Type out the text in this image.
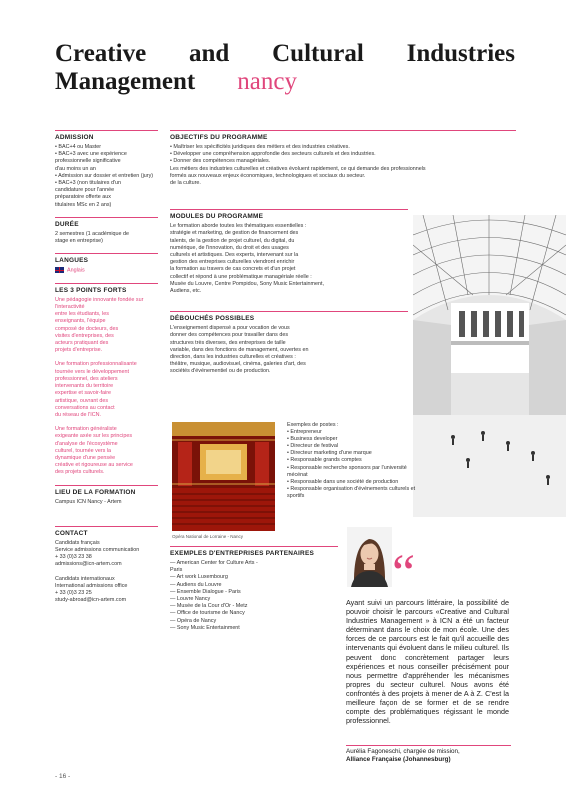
Creative and Cultural Industries
Management nancy

ADMISSION

• BAC+4 ou Master

• BAC+3 avec une expérience professionnelle significative

d'au moins un an

• Admission sur dossier et entretien (jury)

• BAC+3 (non titulaires d'un

candidature pour l'année

préparatoire offerte aux

titulaires MSc en 2 ans)

DURÉE

2 semestres (1 académique de

stage en entreprise)

LANGUES

Anglais

LES 3 POINTS FORTS

Une pédagogie innovante fondée sur l'interactivité

entre les étudiants, les

enseignants, l'équipe

composé de docteurs, des

visites d'entreprises, des

acteurs pratiquant des

projets d'entreprise.

Une formation professionnalisante

tournée vers le développement

professionnel, des ateliers

intervenants du territoire

expertise et savoir-faire

artistique, ouvrant des

conversations au contact

du réseau de l'ICN.

Une formation généraliste

exigeante axée sur les principes

d'analyse de l'écosystème

culturel, tournée vers la

dynamique d'une pensée

créative et rigoureuse au service

des projets culturels.

LIEU DE LA FORMATION

Campus ICN Nancy - Artem

CONTACT

Candidats français

Service admissions communication

+ 33 (0)3 23 38

admissions@icn-artem.com

Candidats internationaux

International admissions office

+ 33 (0)3 23 25

study-abroad@icn-artem.com

OBJECTIFS DU PROGRAMME

• Maîtriser les spécificités juridiques des métiers et des industries créatives.

• Développer une compréhension approfondie des secteurs culturels et des industries.

• Donner des compétences managériales.

Les métiers des industries culturelles et créatives évoluent rapidement, ce qui demande des professionnels

formés aux nouveaux enjeux économiques, technologiques et sociaux du secteur.

de la culture.

MODULES DU PROGRAMME

Le formation aborde toutes les thématiques essentielles :

stratégie et marketing, de gestion de financement des

talents, de la gestion de projet culturel, du digital, du

numérique, de l'innovation, du droit et des usages

culturels et artistiques. Des experts, intervenant sur la

gestion des entreprises culturelles viendront enrichir

la formation au travers de cas concrets et d'un projet

collectif et répond à une problématique managériale réelle :

Musée du Louvre, Centre Pompidou, Sony Music Entertainment,

Audiens, etc.

DÉBOUCHÉS POSSIBLES

L'enseignement dispensé a pour vocation de vous

donner des compétences pour travailler dans des

structures très diverses, des entreprises de taille

variable, dans des fonctions de management, ouvertes en

direction, dans les industries culturelles et créatives :

théâtre, musique, audiovisuel, cinéma, galeries d'art, des

sociétés d'événementiel ou de production.

Opéra National de Lorraine - Nancy

Exemples de postes :

• Entrepreneur

• Business developer

• Directeur de festival

• Directeur marketing d'une marque

• Responsable grands comptes

• Responsable recherche sponsors par l'université

mécénat

• Responsable dans une société de production

• Responsable organisation d'événements culturels et

sportifs

EXEMPLES D'ENTREPRISES PARTENAIRES

— American Center for Culture Arts -

Paris

— Art work Luxembourg

— Audiens du Louvre

— Ensemble Dialogue - Paris

— Louvre Nancy

— Musée de la Cour d'Or - Metz

— Office de tourisme de Nancy

— Opéra de Nancy

— Sony Music Entertainment

“
Ayant suivi un parcours littéraire, la possibilité de pouvoir choisir le parcours «Creative and Cultural Industries Management » à ICN a été un facteur déterminant dans le choix de mon école. Une des forces de ce parcours est le fait qu'il accueille des intervenants qui évoluent dans le milieu culturel. Ils peuvent donc concrètement partager leurs expériences et nous conseiller précisément pour nous permettre d'appréhender les mécanismes propres du secteur culturel. Nous avons été confrontés à des projets à mener de A à Z. C'est la meilleure façon de se former et de se rendre compte des problématiques régissant le monde professionnel.
Aurélia Fagoneschi, chargée de mission,
Alliance Française (Johannesburg)
- 16 -
